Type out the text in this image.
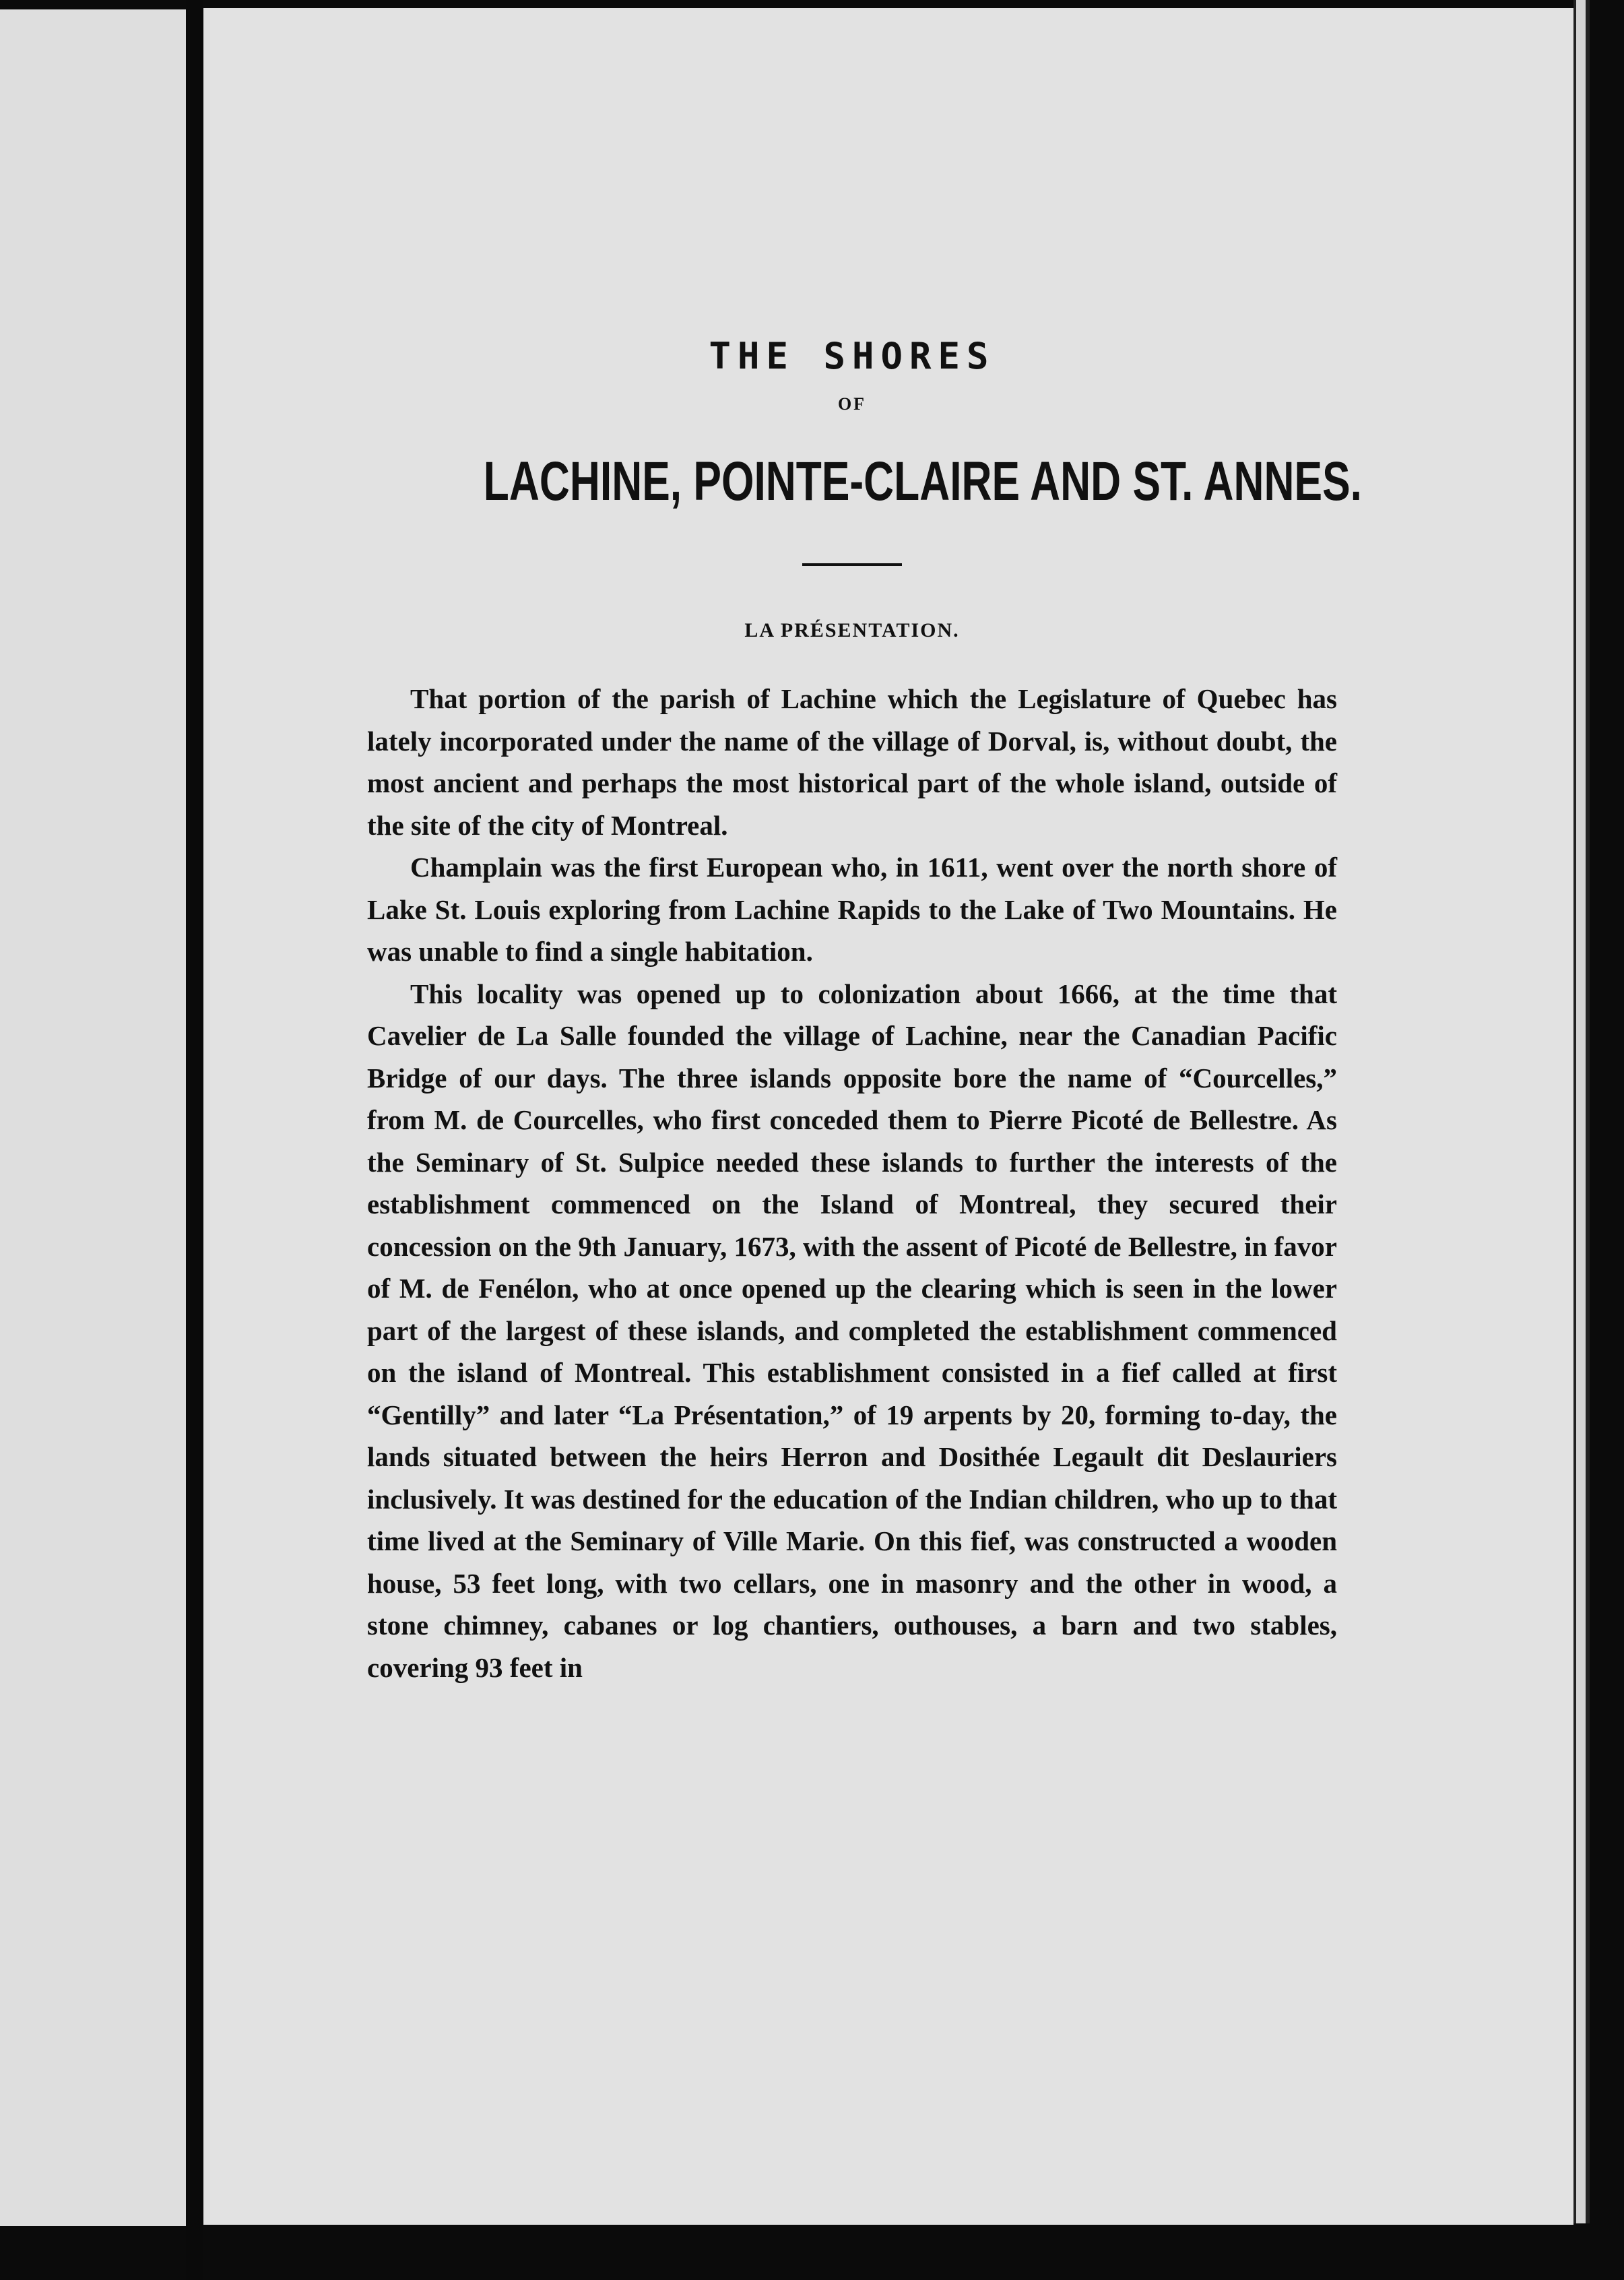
THE SHORES
OF
LACHINE, POINTE-CLAIRE AND ST. ANNES.
LA PRÉSENTATION.

That portion of the parish of Lachine which the Legislature of Quebec has lately incorporated under the name of the village of Dorval, is, without doubt, the most ancient and perhaps the most historical part of the whole island, outside of the site of the city of Montreal.

Champlain was the first European who, in 1611, went over the north shore of Lake St. Louis exploring from Lachine Rapids to the Lake of Two Mountains. He was unable to find a single habitation.

This locality was opened up to colonization about 1666, at the time that Cavelier de La Salle founded the village of Lachine, near the Canadian Pacific Bridge of our days. The three islands opposite bore the name of “Courcelles,” from M. de Courcelles, who first conceded them to Pierre Picoté de Bellestre. As the Seminary of St. Sulpice needed these islands to further the interests of the establishment commenced on the Island of Montreal, they secured their concession on the 9th January, 1673, with the assent of Picoté de Bellestre, in favor of M. de Fenélon, who at once opened up the clearing which is seen in the lower part of the largest of these islands, and completed the establishment commenced on the island of Montreal. This establishment consisted in a fief called at first “Gentilly” and later “La Présentation,” of 19 arpents by 20, forming to-day, the lands situated between the heirs Herron and Dosithée Legault dit Deslauriers inclusively. It was destined for the education of the Indian children, who up to that time lived at the Seminary of Ville Marie. On this fief, was constructed a wooden house, 53 feet long, with two cellars, one in masonry and the other in wood, a stone chimney, cabanes or log chantiers, outhouses, a barn and two stables, covering 93 feet in
